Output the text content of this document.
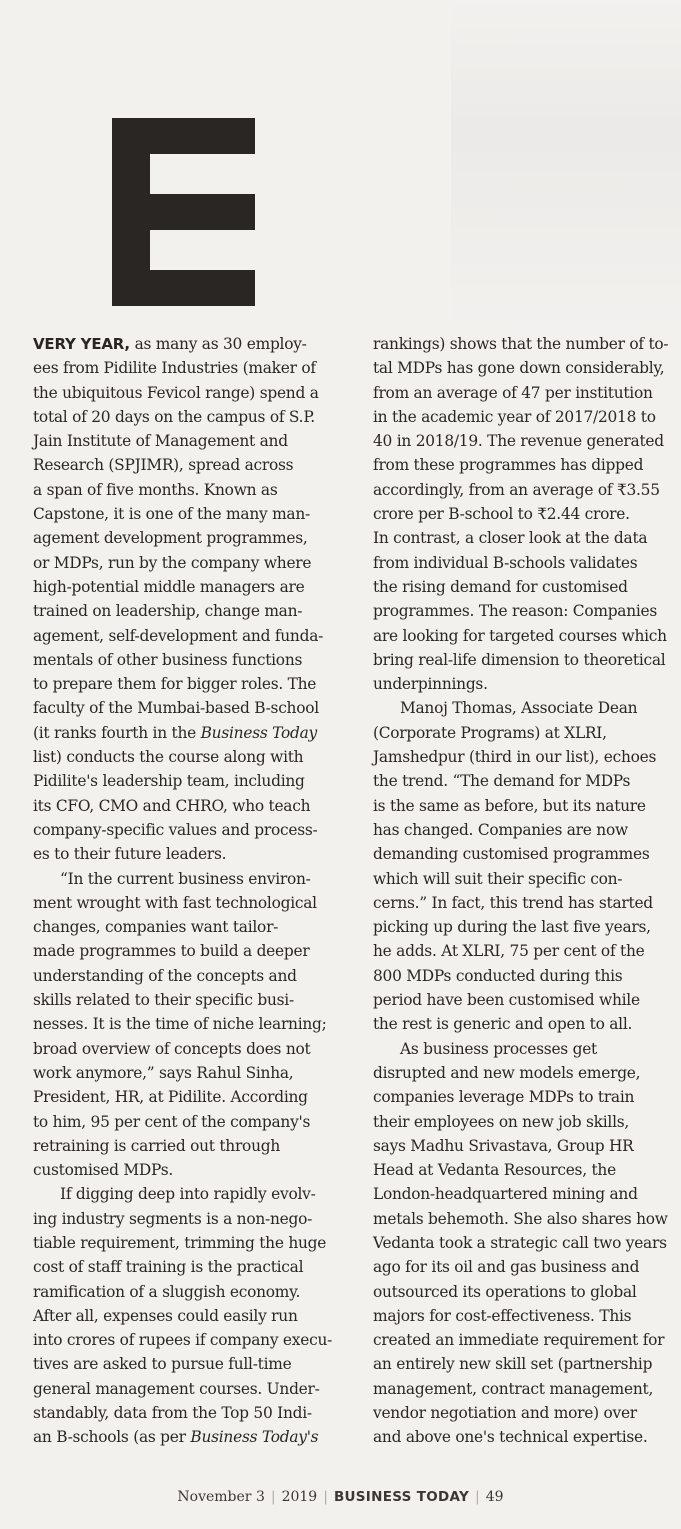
VERY YEAR, as many as 30 employ-
ees from Pidilite Industries (maker of
the ubiquitous Fevicol range) spend a
total of 20 days on the campus of S.P.
Jain Institute of Management and
Research (SPJIMR), spread across
a span of five months. Known as
Capstone, it is one of the many man-
agement development programmes,
or MDPs, run by the company where
high-potential middle managers are
trained on leadership, change man-
agement, self-development and funda-
mentals of other business functions
to prepare them for bigger roles. The
faculty of the Mumbai-based B-school
(it ranks fourth in the Business Today
list) conducts the course along with
Pidilite's leadership team, including
its CFO, CMO and CHRO, who teach
company-specific values and process-
es to their future leaders.
“In the current business environ-
ment wrought with fast technological
changes, companies want tailor-
made programmes to build a deeper
understanding of the concepts and
skills related to their specific busi-
nesses. It is the time of niche learning;
broad overview of concepts does not
work anymore,” says Rahul Sinha,
President, HR, at Pidilite. According
to him, 95 per cent of the company's
retraining is carried out through
customised MDPs.
If digging deep into rapidly evolv-
ing industry segments is a non-nego-
tiable requirement, trimming the huge
cost of staff training is the practical
ramification of a sluggish economy.
After all, expenses could easily run
into crores of rupees if company execu-
tives are asked to pursue full-time
general management courses. Under-
standably, data from the Top 50 Indi-
an B-schools (as per Business Today's
rankings) shows that the number of to-
tal MDPs has gone down considerably,
from an average of 47 per institution
in the academic year of 2017/2018 to
40 in 2018/19. The revenue generated
from these programmes has dipped
accordingly, from an average of ₹3.55
crore per B-school to ₹2.44 crore.
In contrast, a closer look at the data
from individual B-schools validates
the rising demand for customised
programmes. The reason: Companies
are looking for targeted courses which
bring real-life dimension to theoretical
underpinnings.
Manoj Thomas, Associate Dean
(Corporate Programs) at XLRI,
Jamshedpur (third in our list), echoes
the trend. “The demand for MDPs
is the same as before, but its nature
has changed. Companies are now
demanding customised programmes
which will suit their specific con-
cerns.” In fact, this trend has started
picking up during the last five years,
he adds. At XLRI, 75 per cent of the
800 MDPs conducted during this
period have been customised while
the rest is generic and open to all.
As business processes get
disrupted and new models emerge,
companies leverage MDPs to train
their employees on new job skills,
says Madhu Srivastava, Group HR
Head at Vedanta Resources, the
London-headquartered mining and
metals behemoth. She also shares how
Vedanta took a strategic call two years
ago for its oil and gas business and
outsourced its operations to global
majors for cost-effectiveness. This
created an immediate requirement for
an entirely new skill set (partnership
management, contract management,
vendor negotiation and more) over
and above one's technical expertise.
November 3 | 2019 | BUSINESS TODAY | 49
